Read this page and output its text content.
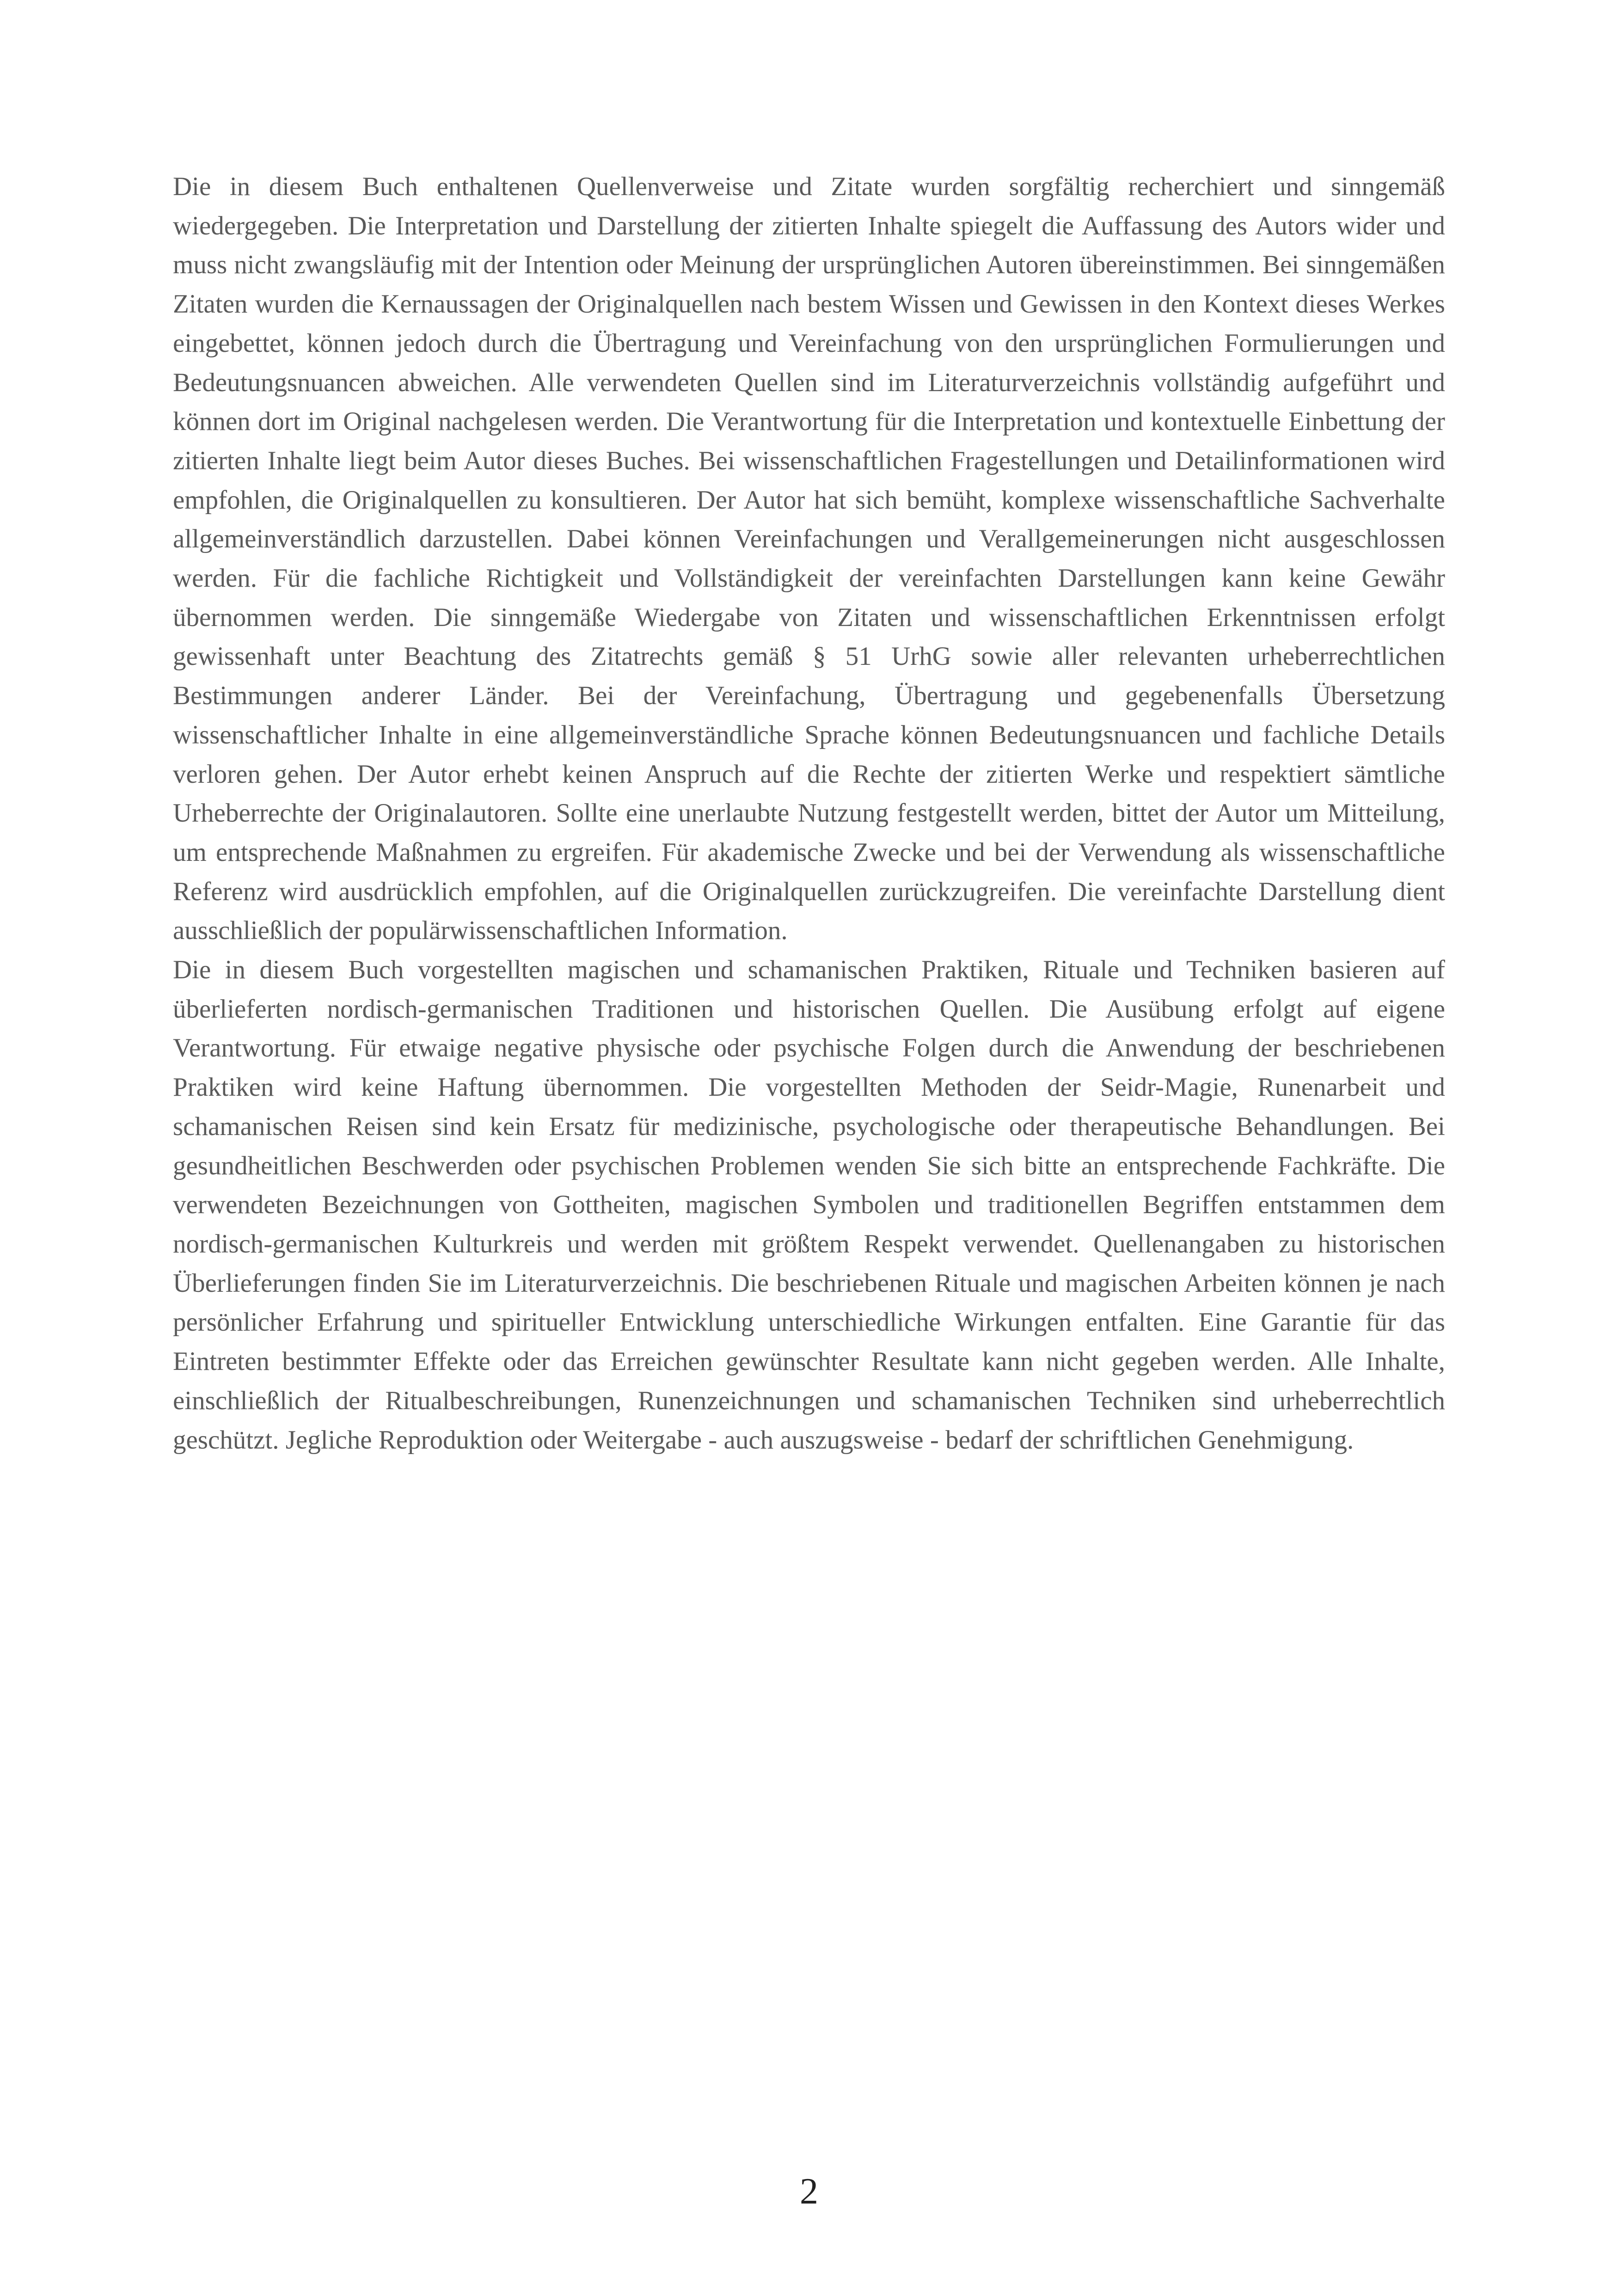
Die in diesem Buch enthaltenen Quellenverweise und Zitate wurden sorgfältig recherchiert und sinngemäß wiedergegeben. Die Interpretation und Darstellung der zitierten Inhalte spiegelt die Auffassung des Autors wider und muss nicht zwangsläufig mit der Intention oder Meinung der ursprünglichen Autoren übereinstimmen. Bei sinngemäßen Zitaten wurden die Kernaussagen der Originalquellen nach bestem Wissen und Gewissen in den Kontext dieses Werkes eingebettet, können jedoch durch die Übertragung und Vereinfachung von den ursprünglichen Formulierungen und Bedeutungsnuancen abweichen. Alle verwendeten Quellen sind im Literaturverzeichnis vollständig aufgeführt und können dort im Original nachgelesen werden. Die Verantwortung für die Interpretation und kontextuelle Einbettung der zitierten Inhalte liegt beim Autor dieses Buches. Bei wissenschaftlichen Fragestellungen und Detailinformationen wird empfohlen, die Originalquellen zu konsultieren. Der Autor hat sich bemüht, komplexe wissenschaftliche Sachverhalte allgemeinverständlich darzustellen. Dabei können Vereinfachungen und Verallgemeinerungen nicht ausgeschlossen werden. Für die fachliche Richtigkeit und Vollständigkeit der vereinfachten Darstellungen kann keine Gewähr übernommen werden. Die sinngemäße Wiedergabe von Zitaten und wissenschaftlichen Erkenntnissen erfolgt gewissenhaft unter Beachtung des Zitatrechts gemäß § 51 UrhG sowie aller relevanten urheberrechtlichen Bestimmungen anderer Länder. Bei der Vereinfachung, Übertragung und gegebenenfalls Übersetzung wissenschaftlicher Inhalte in eine allgemeinverständliche Sprache können Bedeutungsnuancen und fachliche Details verloren gehen. Der Autor erhebt keinen Anspruch auf die Rechte der zitierten Werke und respektiert sämtliche Urheberrechte der Originalautoren. Sollte eine unerlaubte Nutzung festgestellt werden, bittet der Autor um Mitteilung, um entsprechende Maßnahmen zu ergreifen. Für akademische Zwecke und bei der Verwendung als wissenschaftliche Referenz wird ausdrücklich empfohlen, auf die Originalquellen zurückzugreifen. Die vereinfachte Darstellung dient ausschließlich der populärwissenschaftlichen Information.

Die in diesem Buch vorgestellten magischen und schamanischen Praktiken, Rituale und Techniken basieren auf überlieferten nordisch-germanischen Traditionen und historischen Quellen. Die Ausübung erfolgt auf eigene Verantwortung. Für etwaige negative physische oder psychische Folgen durch die Anwendung der beschriebenen Praktiken wird keine Haftung übernommen. Die vorgestellten Methoden der Seidr-Magie, Runenarbeit und schamanischen Reisen sind kein Ersatz für medizinische, psychologische oder therapeutische Behandlungen. Bei gesundheitlichen Beschwerden oder psychischen Problemen wenden Sie sich bitte an entsprechende Fachkräfte. Die verwendeten Bezeichnungen von Gottheiten, magischen Symbolen und traditionellen Begriffen entstammen dem nordisch-germanischen Kulturkreis und werden mit größtem Respekt verwendet. Quellenangaben zu historischen Überlieferungen finden Sie im Literaturverzeichnis. Die beschriebenen Rituale und magischen Arbeiten können je nach persönlicher Erfahrung und spiritueller Entwicklung unterschiedliche Wirkungen entfalten. Eine Garantie für das Eintreten bestimmter Effekte oder das Erreichen gewünschter Resultate kann nicht gegeben werden. Alle Inhalte, einschließlich der Ritualbeschreibungen, Runenzeichnungen und schamanischen Techniken sind urheberrechtlich geschützt. Jegliche Reproduktion oder Weitergabe - auch auszugsweise - bedarf der schriftlichen Genehmigung.

2
